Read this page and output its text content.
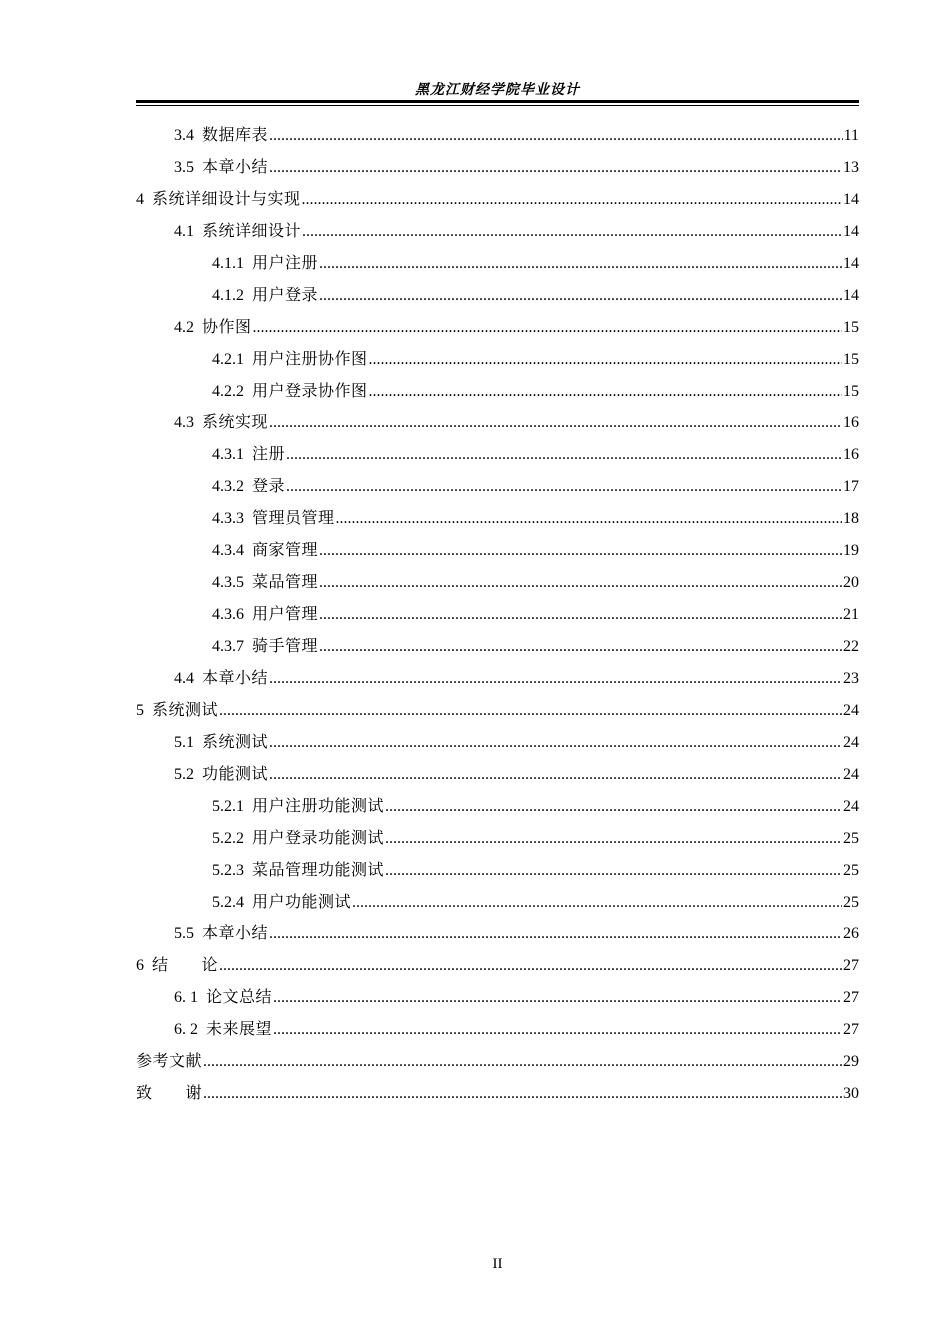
黑龙江财经学院毕业设计
3.4 数据库表 .....	11
3.5 本章小结 .....	13
4 系统详细设计与实现 .....	14
4.1 系统详细设计 .....	14
4.1.1 用户注册 .....	14
4.1.2 用户登录 .....	14
4.2 协作图 .....	15
4.2.1 用户注册协作图 .....	15
4.2.2 用户登录协作图 .....	15
4.3 系统实现 .....	16
4.3.1 注册 .....	16
4.3.2 登录 .....	17
4.3.3 管理员管理 .....	18
4.3.4 商家管理 .....	19
4.3.5 菜品管理 .....	20
4.3.6 用户管理 .....	21
4.3.7 骑手管理 .....	22
4.4 本章小结 .....	23
5 系统测试 .....	24
5.1 系统测试 .....	24
5.2 功能测试 .....	24
5.2.1 用户注册功能测试 .....	24
5.2.2 用户登录功能测试 .....	25
5.2.3 菜品管理功能测试 .....	25
5.2.4 用户功能测试 .....	25
5.5 本章小结 .....	26
6 结　　论 .....	27
6. 1 论文总结 .....	27
6. 2 未来展望 .....	27
参考文献 .....	29
致　　谢 .....	30
II
